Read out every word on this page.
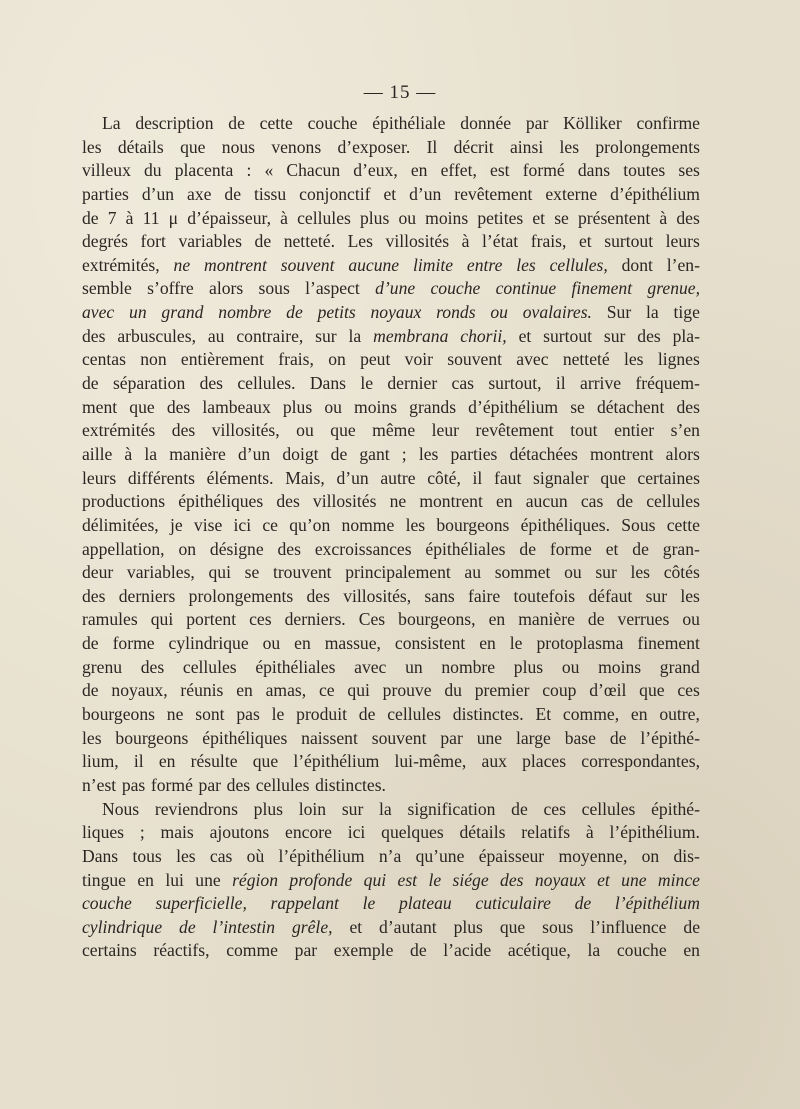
— 15 —
La description de cette couche épithéliale donnée par Kölliker confirme
les détails que nous venons d’exposer. Il décrit ainsi les prolongements
villeux du placenta : « Chacun d’eux, en effet, est formé dans toutes ses
parties d’un axe de tissu conjonctif et d’un revêtement externe d’épithélium
de 7 à 11 μ d’épaisseur, à cellules plus ou moins petites et se présentent à des
degrés fort variables de netteté. Les villosités à l’état frais, et surtout leurs
extrémités, ne montrent souvent aucune limite entre les cellules, dont l’en-
semble s’offre alors sous l’aspect d’une couche continue finement grenue,
avec un grand nombre de petits noyaux ronds ou ovalaires. Sur la tige
des arbuscules, au contraire, sur la membrana chorii, et surtout sur des pla-
centas non entièrement frais, on peut voir souvent avec netteté les lignes
de séparation des cellules. Dans le dernier cas surtout, il arrive fréquem-
ment que des lambeaux plus ou moins grands d’épithélium se détachent des
extrémités des villosités, ou que même leur revêtement tout entier s’en
aille à la manière d’un doigt de gant ; les parties détachées montrent alors
leurs différents éléments. Mais, d’un autre côté, il faut signaler que certaines
productions épithéliques des villosités ne montrent en aucun cas de cellules
délimitées, je vise ici ce qu’on nomme les bourgeons épithéliques. Sous cette
appellation, on désigne des excroissances épithéliales de forme et de gran-
deur variables, qui se trouvent principalement au sommet ou sur les côtés
des derniers prolongements des villosités, sans faire toutefois défaut sur les
ramules qui portent ces derniers. Ces bourgeons, en manière de verrues ou
de forme cylindrique ou en massue, consistent en le protoplasma finement
grenu des cellules épithéliales avec un nombre plus ou moins grand
de noyaux, réunis en amas, ce qui prouve du premier coup d’œil que ces
bourgeons ne sont pas le produit de cellules distinctes. Et comme, en outre,
les bourgeons épithéliques naissent souvent par une large base de l’épithé-
lium, il en résulte que l’épithélium lui-même, aux places correspondantes,
n’est pas formé par des cellules distinctes.
Nous reviendrons plus loin sur la signification de ces cellules épithé-
liques ; mais ajoutons encore ici quelques détails relatifs à l’épithélium.
Dans tous les cas où l’épithélium n’a qu’une épaisseur moyenne, on dis-
tingue en lui une région profonde qui est le siége des noyaux et une mince
couche superficielle, rappelant le plateau cuticulaire de l’épithélium
cylindrique de l’intestin grêle, et d’autant plus que sous l’influence de
certains réactifs, comme par exemple de l’acide acétique, la couche en
